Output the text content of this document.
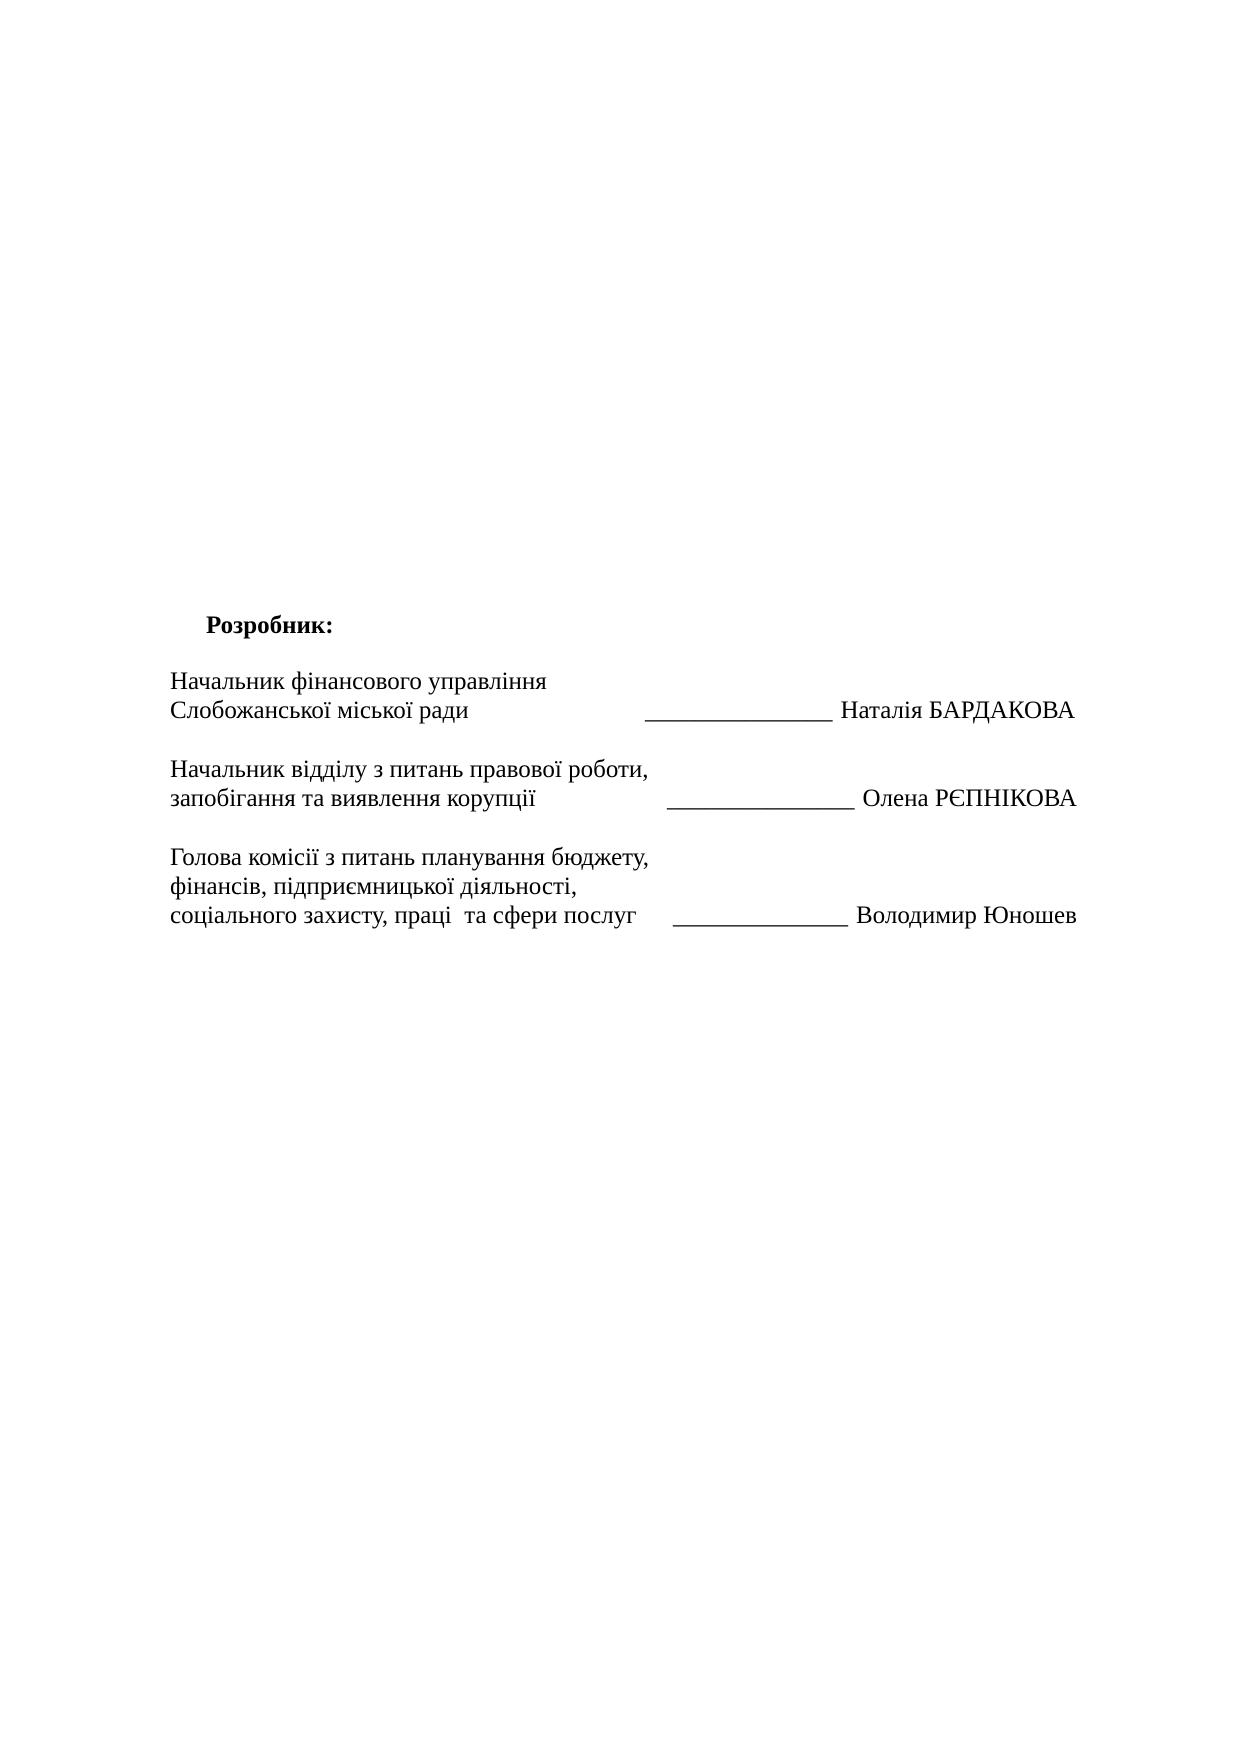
Розробник:

Начальник фінансового управління
Слобожанської міської ради	_______________ Наталія БАРДАКОВА
Начальник відділу з питань правової роботи,
запобігання та виявлення корупції	_______________ Олена РЄПНІКОВА
Голова комісії з питань планування бюджету,
фінансів, підприємницької діяльності,
соціального захисту, праці  та сфери послуг	______________ Володимир Юношев
